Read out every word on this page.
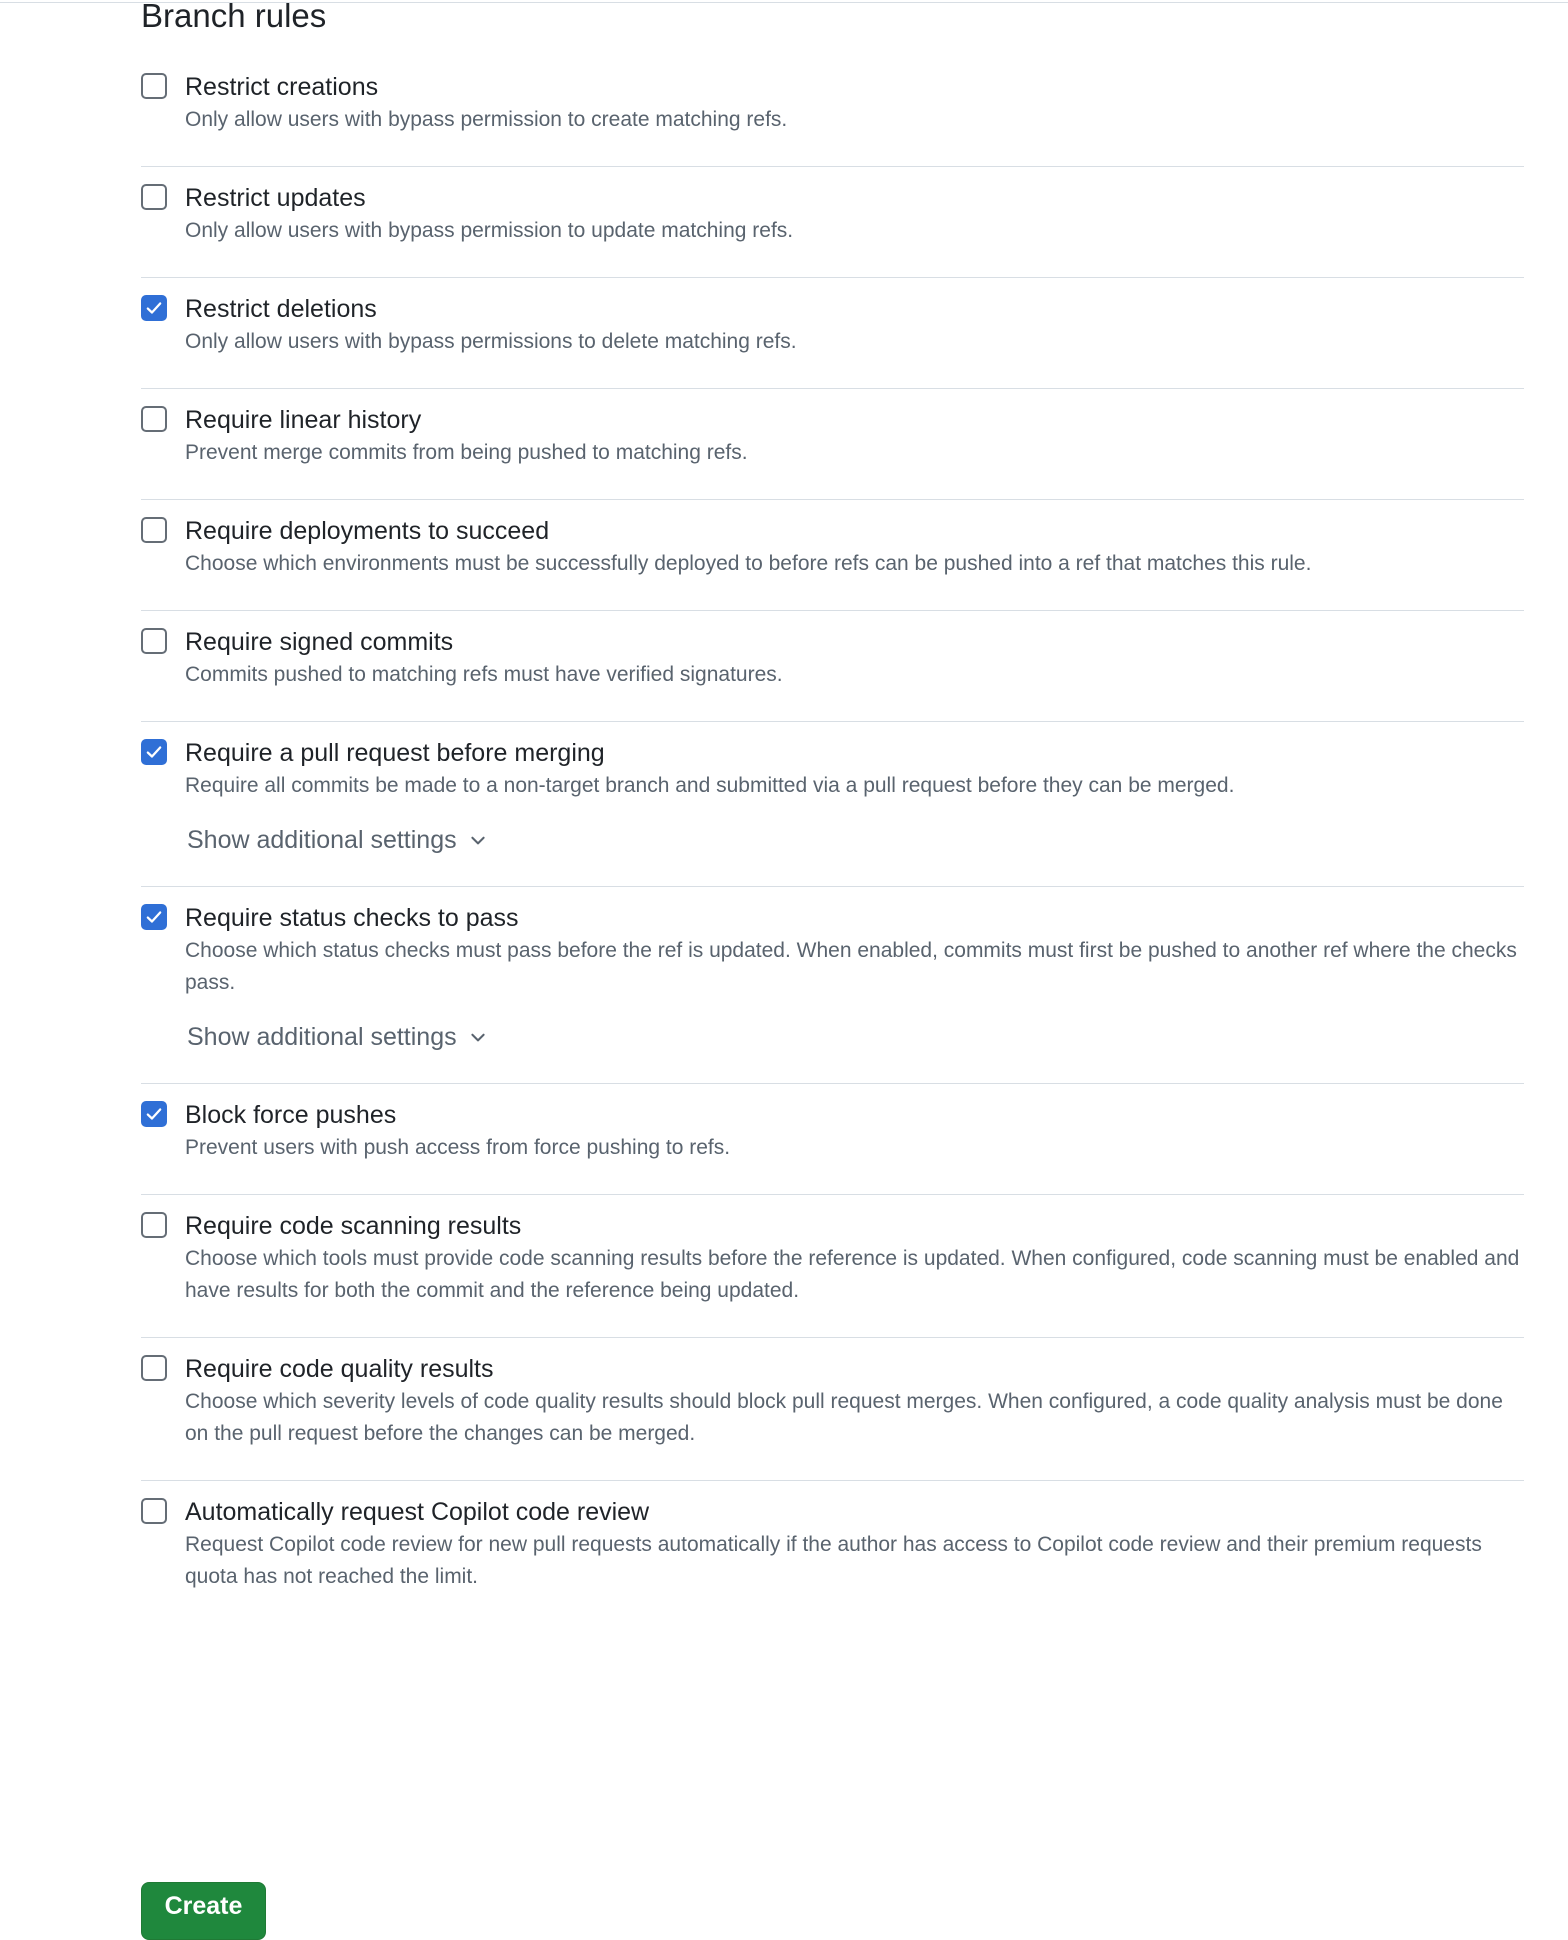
Branch rules
Restrict creations
Only allow users with bypass permission to create matching refs.
Restrict updates
Only allow users with bypass permission to update matching refs.
Restrict deletions
Only allow users with bypass permissions to delete matching refs.
Require linear history
Prevent merge commits from being pushed to matching refs.
Require deployments to succeed
Choose which environments must be successfully deployed to before refs can be pushed into a ref that matches this rule.
Require signed commits
Commits pushed to matching refs must have verified signatures.
Require a pull request before merging
Require all commits be made to a non-target branch and submitted via a pull request before they can be merged.
Show additional settings
Require status checks to pass
Choose which status checks must pass before the ref is updated. When enabled, commits must first be pushed to another ref where the checks pass.
Show additional settings
Block force pushes
Prevent users with push access from force pushing to refs.
Require code scanning results
Choose which tools must provide code scanning results before the reference is updated. When configured, code scanning must be enabled and have results for both the commit and the reference being updated.
Require code quality results
Choose which severity levels of code quality results should block pull request merges. When configured, a code quality analysis must be done on the pull request before the changes can be merged.
Automatically request Copilot code review
Request Copilot code review for new pull requests automatically if the author has access to Copilot code review and their premium requests quota has not reached the limit.
Create
